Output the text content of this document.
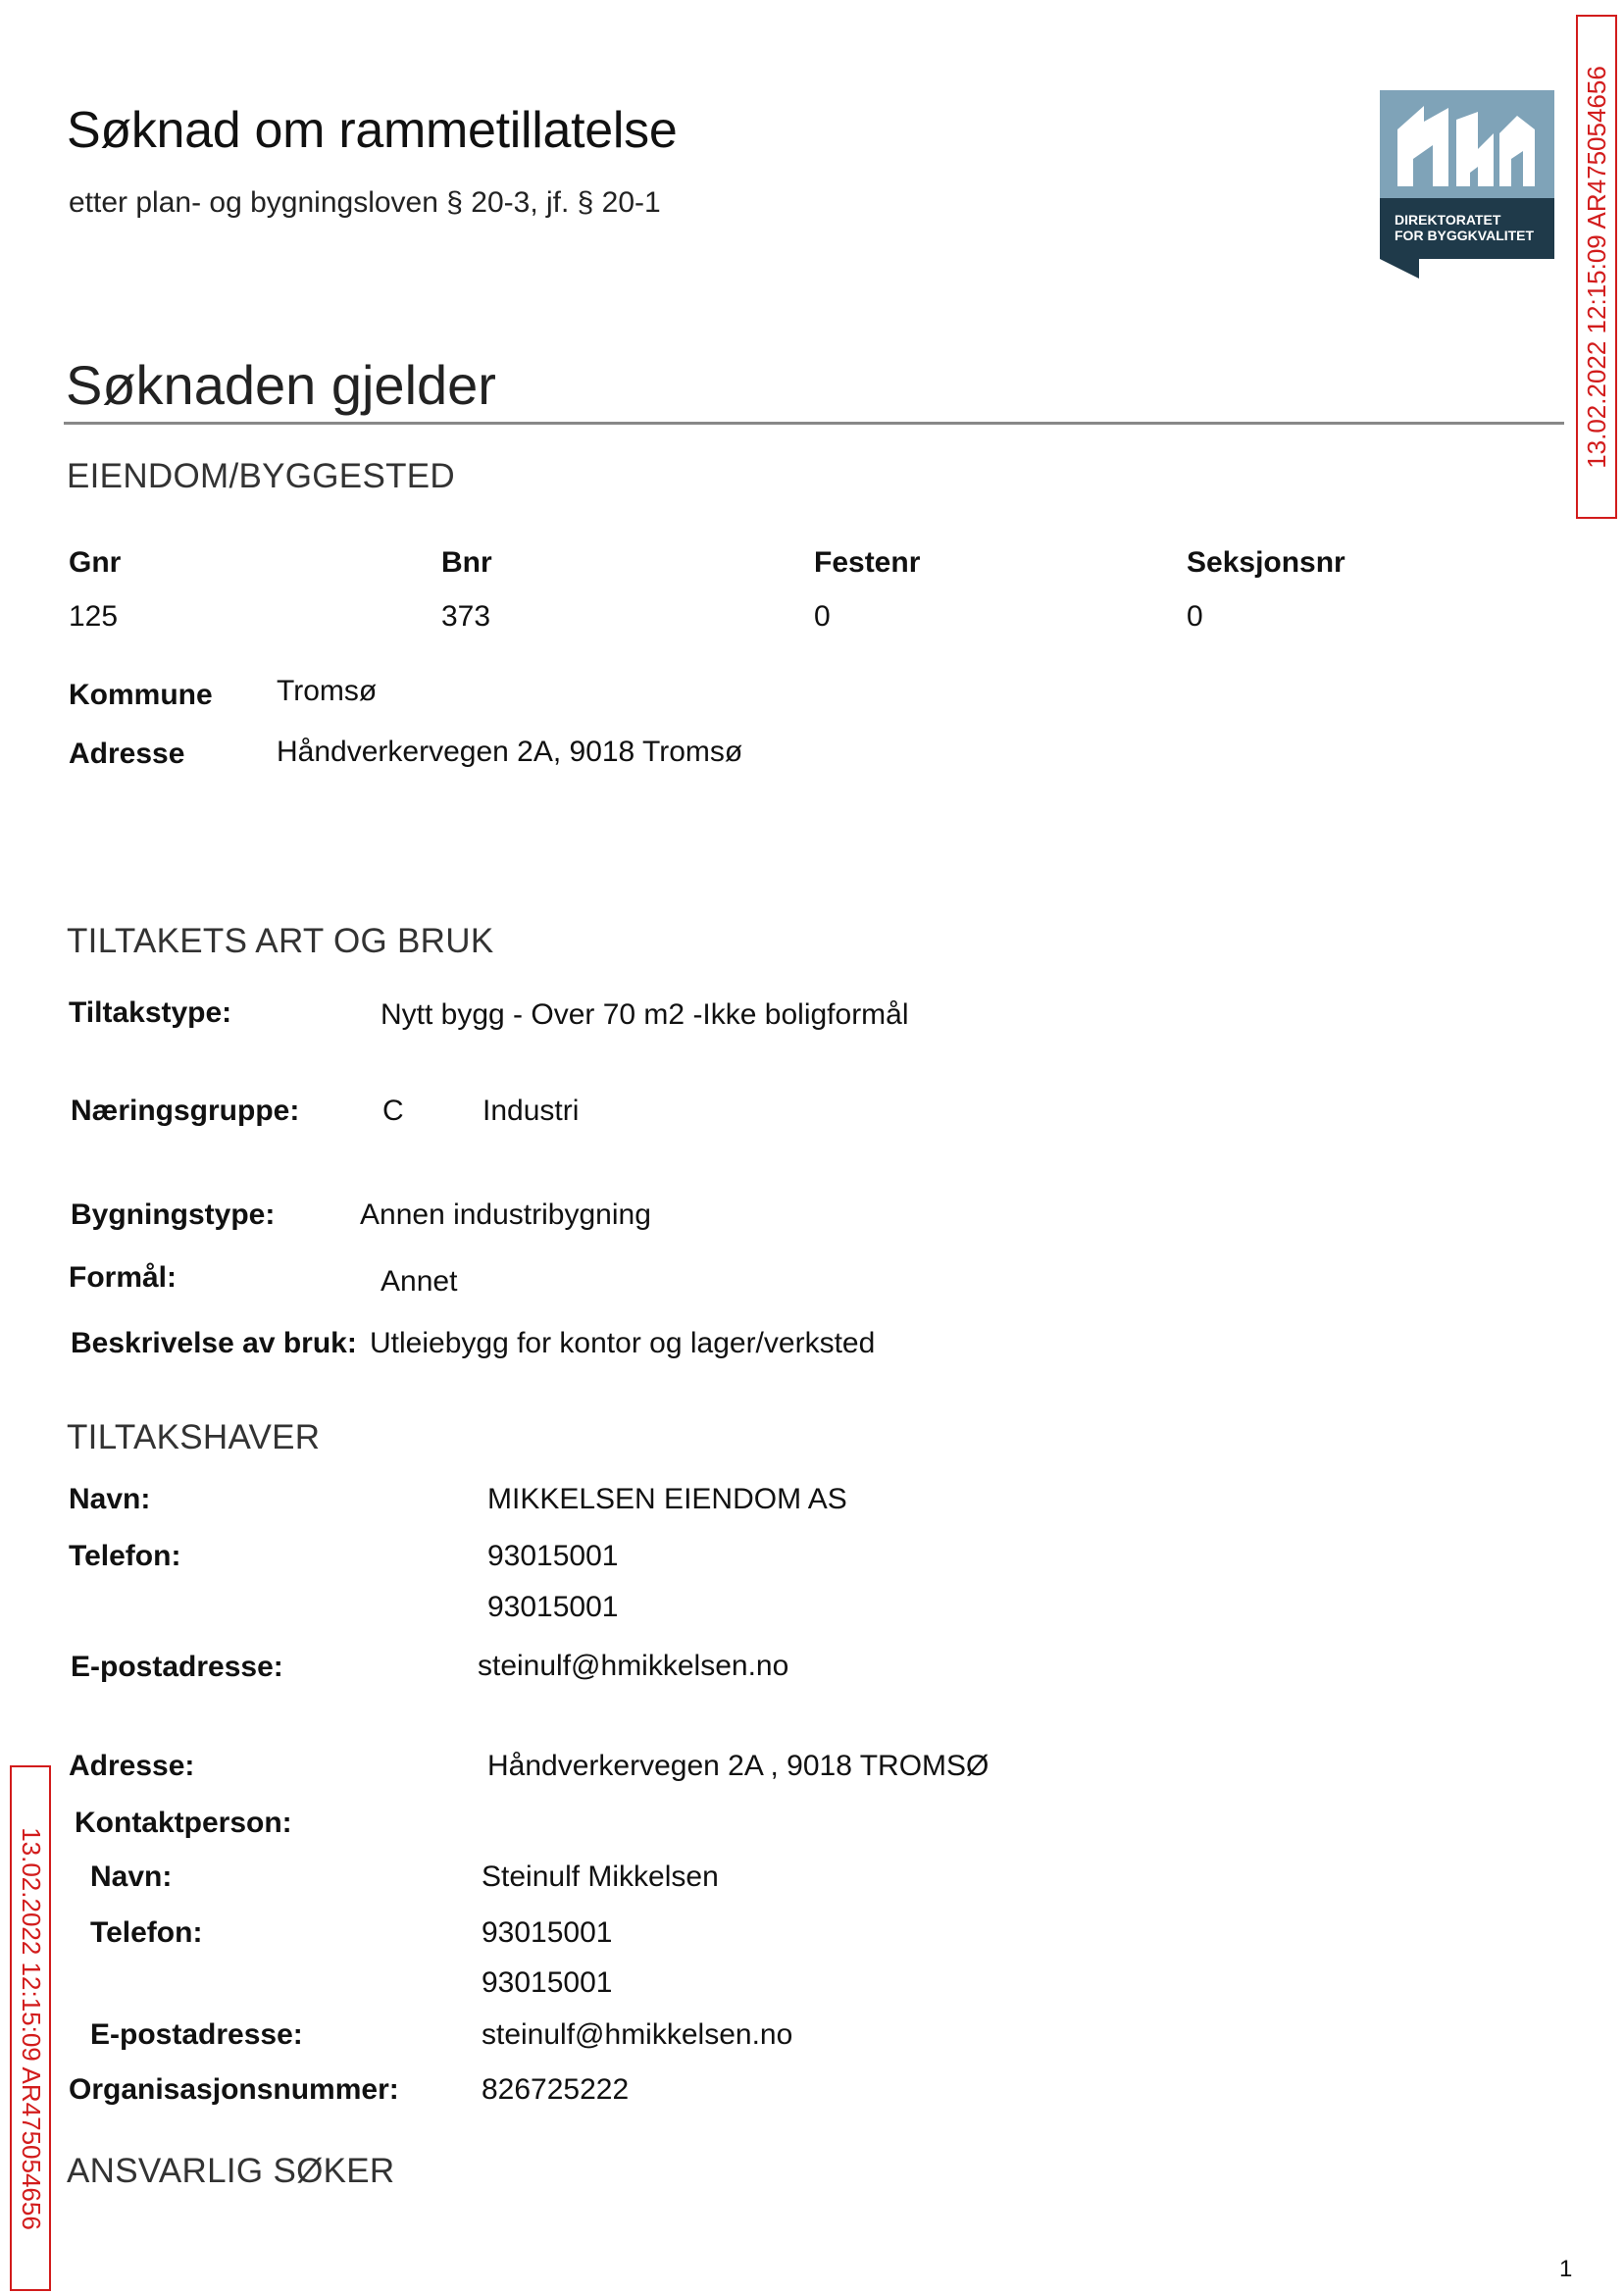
Søknad om rammetillatelse
etter plan- og bygningsloven § 20-3, jf. § 20-1
DIREKTORATET
FOR BYGGKVALITET 13.02.2022 12:15:09 AR475054656
13.02.2022 12:15:09 AR475054656
Søknaden gjelder
EIENDOM/BYGGESTED
Gnr	Bnr	Festenr	Seksjonsnr
125	373	0	0
Kommune Tromsø
Adresse	Håndverkervegen 2A, 9018 Tromsø
TILTAKETS ART OG BRUK
Tiltakstype:	Nytt bygg - Over 70 m2 -Ikke boligformål
Næringsgruppe:	C	Industri
Bygningstype:	Annen industribygning
Formål:	Annet
Beskrivelse av bruk: Utleiebygg for kontor og lager/verksted
TILTAKSHAVER
Navn:	MIKKELSEN EIENDOM AS
Telefon:	93015001
93015001
E-postadresse:	steinulf@hmikkelsen.no
Adresse:	Håndverkervegen 2A , 9018 TROMSØ
Kontaktperson:
Navn:	Steinulf Mikkelsen
Telefon:	93015001
93015001
E-postadresse:	steinulf@hmikkelsen.no
Organisasjonsnummer:	826725222
ANSVARLIG SØKER
1
